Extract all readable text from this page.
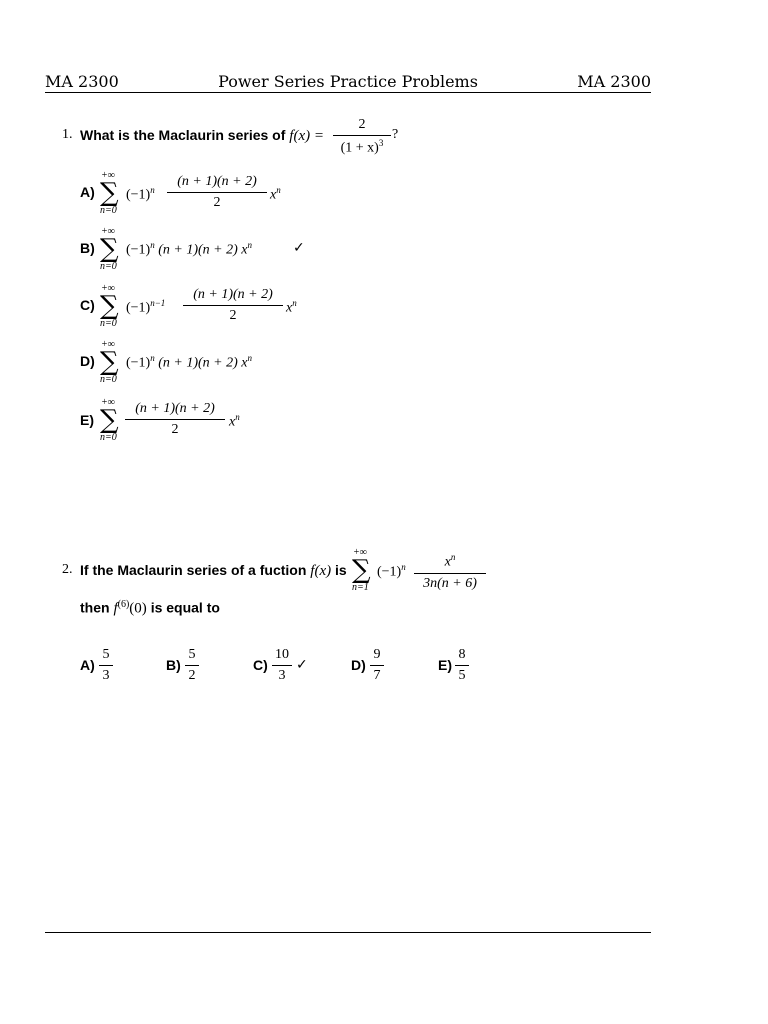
MA 2300	Power Series Practice Problems	MA 2300
1. What is the Maclaurin series of f(x) =
2
$(1 + x)^3$
?
A)
+∞
∑
n=0
$(-1)^n$
(n + 1)(n + 2)
2	$x^n$
B)
+∞
∑
n=0
$(-1)^n$ (n + 1)(n + 2) $x^n$	✓
C)
+∞
∑
n=0
$(-1)^{n-1}$
(n + 1)(n + 2)
2	$x^n$
D)
+∞
∑
n=0
$(-1)^n$ (n + 1)(n + 2) $x^n$
E)
+∞
∑
n=0
(n + 1)(n + 2)
2	$x^n$
2. If the Maclaurin series of a fuction f(x) is
+∞
∑
n=1
$(-1)^n$	$x^n$
3n(n + 6)
then $f^{(6)}(0)$ is equal to
A)
5
3
B)
5
2
C)
10
3
✓	D)
9
7
E)
8
5
